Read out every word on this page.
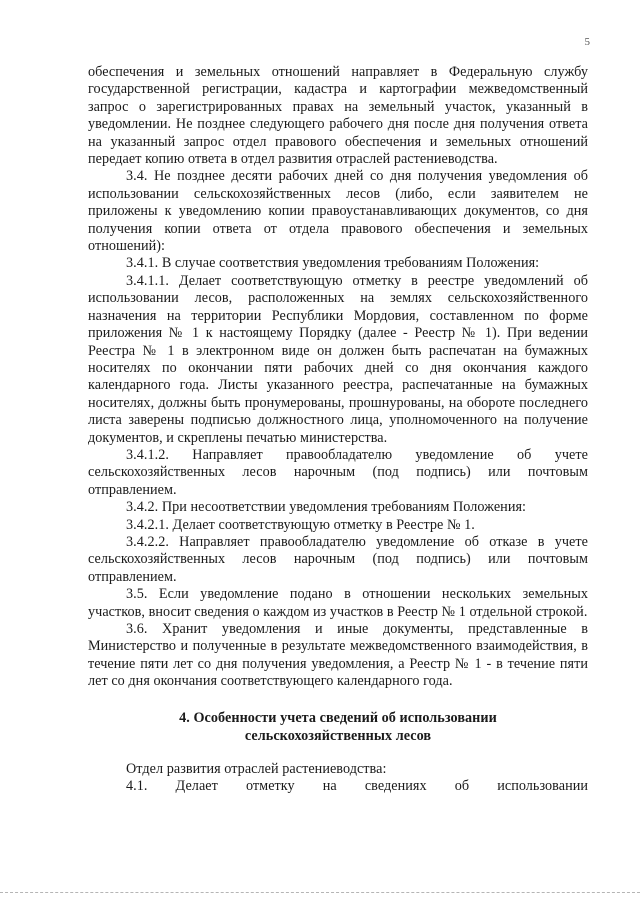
5

обеспечения и земельных отношений направляет в Федеральную службу государственной регистрации, кадастра и картографии межведомственный запрос о зарегистрированных правах на земельный участок, указанный в уведомлении. Не позднее следующего рабочего дня после дня получения ответа на указанный запрос отдел правового обеспечения и земельных отношений передает копию ответа в отдел развития отраслей растениеводства.

3.4. Не позднее десяти рабочих дней со дня получения уведомления об использовании сельскохозяйственных лесов (либо, если заявителем не приложены к уведомлению копии правоустанавливающих документов, со дня получения копии ответа от отдела правового обеспечения и земельных отношений):

3.4.1. В случае соответствия уведомления требованиям Положения:

3.4.1.1. Делает соответствующую отметку в реестре уведомлений об использовании лесов, расположенных на землях сельскохозяйственного назначения на территории Республики Мордовия, составленном по форме приложения № 1 к настоящему Порядку (далее - Реестр № 1). При ведении Реестра № 1 в электронном виде он должен быть распечатан на бумажных носителях по окончании пяти рабочих дней со дня окончания каждого календарного года. Листы указанного реестра, распечатанные на бумажных носителях, должны быть пронумерованы, прошнурованы, на обороте последнего листа заверены подписью должностного лица, уполномоченного на получение документов, и скреплены печатью министерства.

3.4.1.2. Направляет правообладателю уведомление об учете сельскохозяйственных лесов нарочным (под подпись) или почтовым отправлением.

3.4.2. При несоответствии уведомления требованиям Положения:

3.4.2.1. Делает соответствующую отметку в Реестре № 1.

3.4.2.2. Направляет правообладателю уведомление об отказе в учете сельскохозяйственных лесов нарочным (под подпись) или почтовым отправлением.

3.5. Если уведомление подано в отношении нескольких земельных участков, вносит сведения о каждом из участков в Реестр № 1 отдельной строкой.

3.6. Хранит уведомления и иные документы, представленные в Министерство и полученные в результате межведомственного взаимодействия, в течение пяти лет со дня получения уведомления, а Реестр № 1 - в течение пяти лет со дня окончания соответствующего календарного года.

4. Особенности учета сведений об использовании
сельскохозяйственных лесов

Отдел развития отраслей растениеводства:

4.1. Делает отметку на сведениях об использовании
